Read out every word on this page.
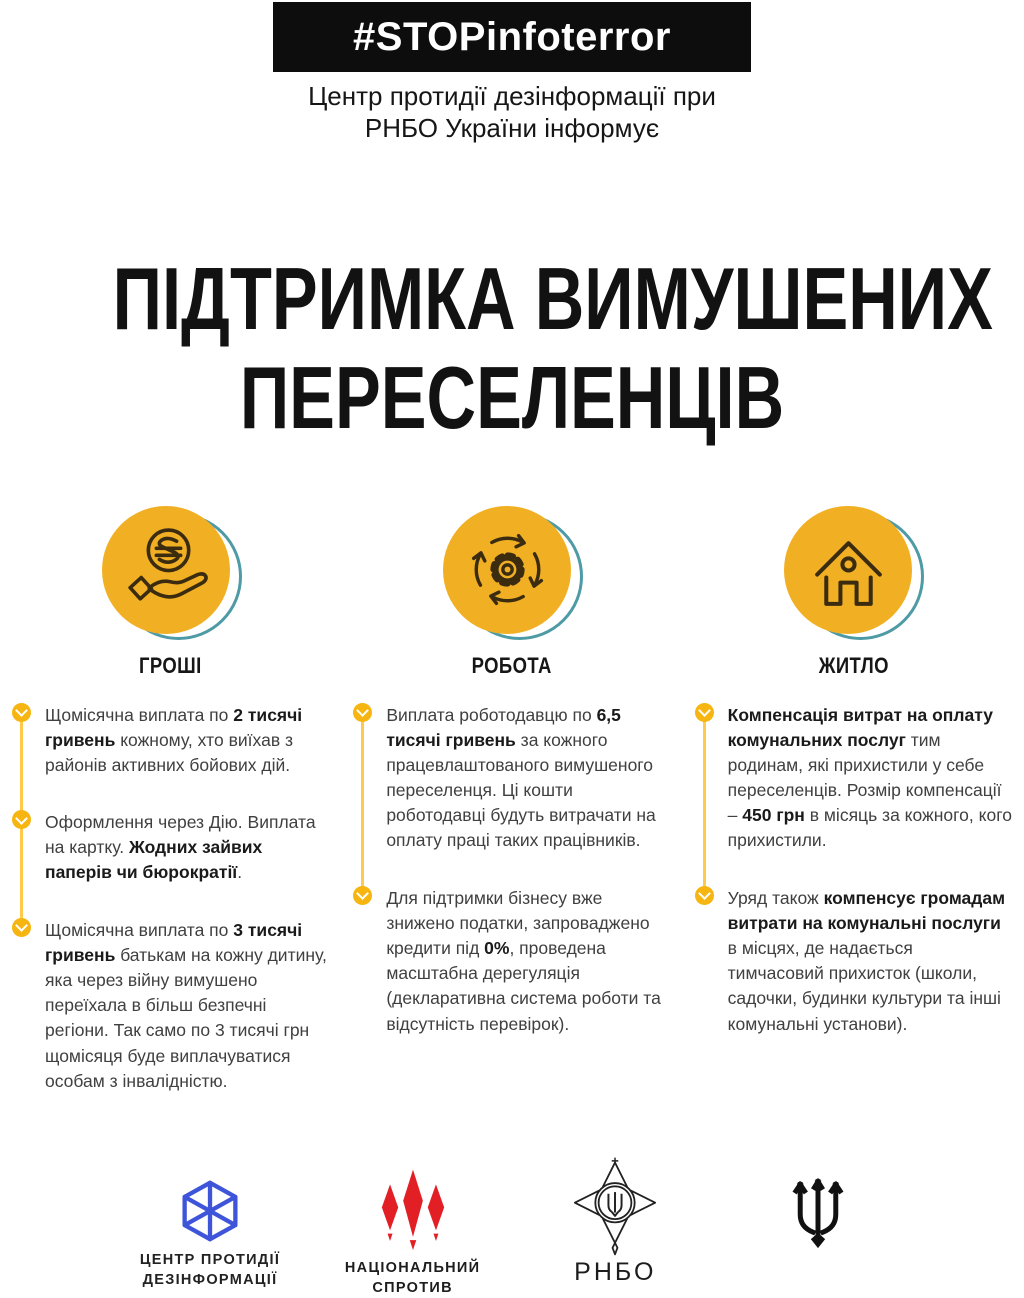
#STOPinfoterror
Центр протидії дезінформації при
РНБО України інформує
ПІДТРИМКА ВИМУШЕНИХ
ПЕРЕСЕЛЕНЦІВ
ГРОШІ	РОБОТА	ЖИТЛО
Щомісячна виплата по 2 тисячі гривень кожному, хто виїхав з районів активних бойових дій.
Оформлення через Дію. Виплата на картку. Жодних зайвих паперів чи бюрократії.
Щомісячна виплата по 3 тисячі гривень батькам на кожну дитину, яка через війну вимушено переїхала в більш безпечні регіони. Так само по 3 тисячі грн щомісяця буде виплачуватися особам з інвалідністю.
Виплата роботодавцю по 6,5 тисячі гривень за кожного працевлаштованого вимушеного переселенця. Ці кошти роботодавці будуть витрачати на оплату праці таких працівників.
Для підтримки бізнесу вже знижено податки, запроваджено кредити під 0%, проведена масштабна дерегуляція (декларативна система роботи та відсутність перевірок).
Компенсація витрат на оплату комунальних послуг тим родинам, які прихистили у себе переселенців. Розмір компенсації – 450 грн в місяць за кожного, кого прихистили.
Уряд також компенсує громадам витрати на комунальні послуги в місцях, де надається тимчасовий прихисток (школи, садочки, будинки культури та інші комунальні установи).
ЦЕНТР ПРОТИДІЇ
ДЕЗІНФОРМАЦІЇ
НАЦІОНАЛЬНИЙ
СПРОТИВ
РНБО
